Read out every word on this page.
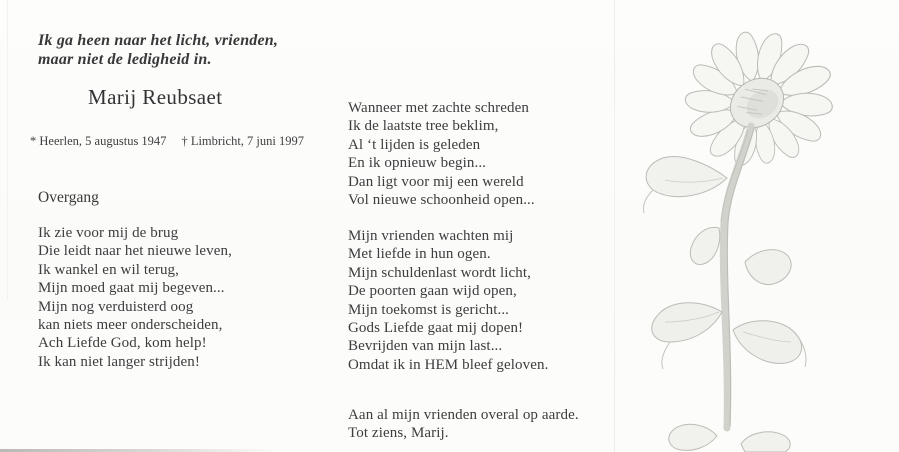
Ik ga heen naar het licht, vrienden,
maar niet de ledigheid in.
Marij Reubsaet
* Heerlen, 5 augustus 1947 † Limbricht, 7 juni 1997
Overgang
Ik zie voor mij de brug
Die leidt naar het nieuwe leven,
Ik wankel en wil terug,
Mijn moed gaat mij begeven...
Mijn nog verduisterd oog
kan niets meer onderscheiden,
Ach Liefde God, kom help!
Ik kan niet langer strijden!
Wanneer met zachte schreden
Ik de laatste tree beklim,
Al ‘t lijden is geleden
En ik opnieuw begin...
Dan ligt voor mij een wereld
Vol nieuwe schoonheid open...
Mijn vrienden wachten mij
Met liefde in hun ogen.
Mijn schuldenlast wordt licht,
De poorten gaan wijd open,
Mijn toekomst is gericht...
Gods Liefde gaat mij dopen!
Bevrijden van mijn last...
Omdat ik in HEM bleef geloven.
Aan al mijn vrienden overal op aarde.
Tot ziens, Marij.
